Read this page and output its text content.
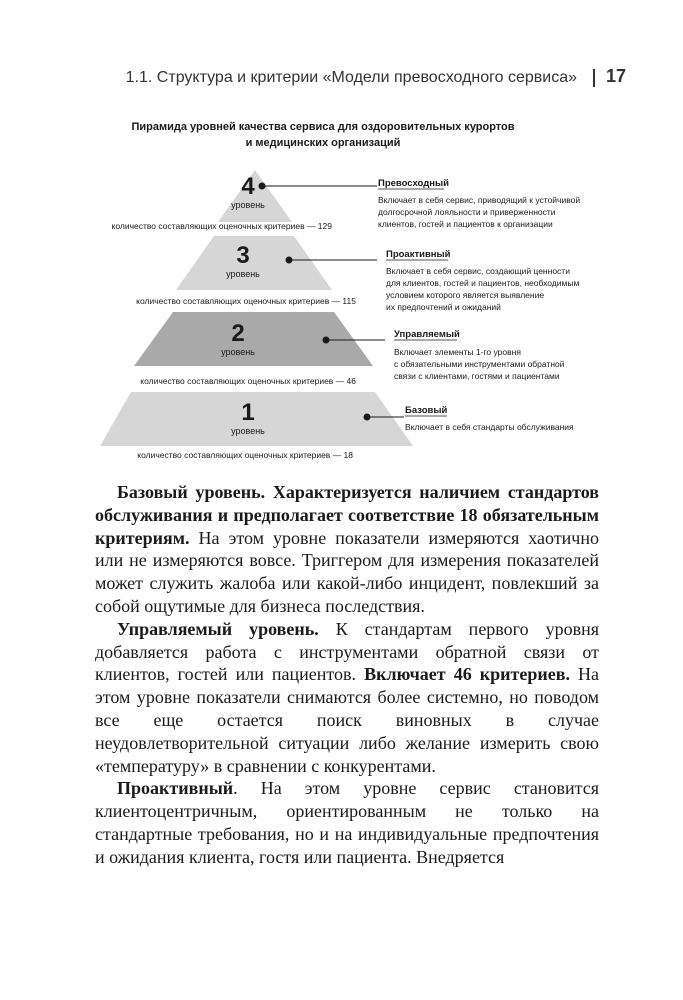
1.1. Структура и критерии «Модели превосходного сервиса» 17
Пирамида уровней качества сервиса для оздоровительных курортов
и медицинских организаций
4
уровень
количество составляющих оценочных критериев — 129
Превосходный
Включает в себя сервис, приводящий к устойчивой долгосрочной лояльности и приверженности клиентов, гостей и пациентов к организации
3
уровень
количество составляющих оценочных критериев — 115
Проактивный
Включает в себя сервис, создающий ценности для клиентов, гостей и пациентов, необходимым условием которого является выявление их предпочтений и ожиданий
2
уровень
количество составляющих оценочных критериев — 46
Управляемый
Включает элементы 1-го уровня с обязательными инструментами обратной связи с клиентами, гостями и пациентами
1
уровень
количество составляющих оценочных критериев — 18
Базовый
Включает в себя стандарты обслуживания

Базовый уровень. Характеризуется наличием стандартов обслуживания и предполагает соответствие 18 обязательным критериям. На этом уровне показатели измеряются хаотично или не измеряются вовсе. Триггером для измерения показателей может служить жалоба или какой-либо инцидент, повлекший за собой ощутимые для бизнеса последствия.

Управляемый уровень. К стандартам первого уровня добавляется работа с инструментами обратной связи от клиентов, гостей или пациентов. Включает 46 критериев. На этом уровне показатели снимаются более системно, но поводом все еще остается поиск виновных в случае неудовлетворительной ситуации либо желание измерить свою «температуру» в сравнении с конкурентами.

Проактивный. На этом уровне сервис становится клиентоцентричным, ориентированным не только на стандартные требования, но и на индивидуальные предпочтения и ожидания клиента, гостя или пациента. Внедряется
